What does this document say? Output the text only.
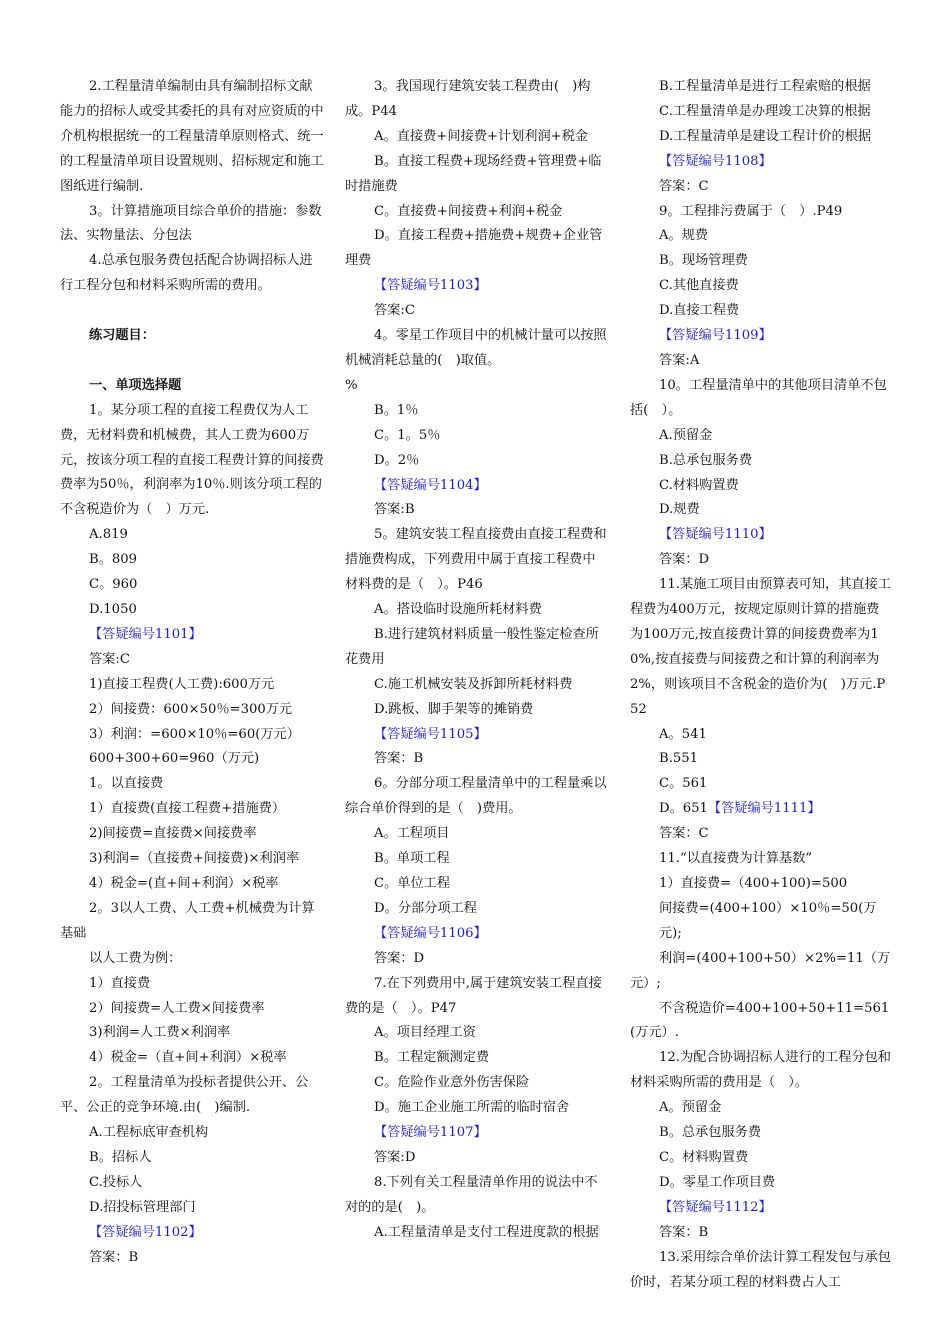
2.工程量清单编制由具有编制招标文献能力的招标人或受其委托的具有对应资质的中介机构根据统一的工程量清单原则格式、统一的工程量清单项目设置规则、招标规定和施工图纸进行编制.

3。计算措施项目综合单价的措施：参数法、实物量法、分包法

4.总承包服务费包括配合协调招标人进行工程分包和材料采购所需的费用。

练习题目：

一、单项选择题

1。某分项工程的直接工程费仅为人工费，无材料费和机械费，其人工费为600万元，按该分项工程的直接工程费计算的间接费费率为50％，利润率为10％.则该分项工程的不含税造价为（　）万元.

A.819

B。809

C。960

D.1050

【答疑编号1101】

答案:C

1)直接工程费(人工费):600万元

2）间接费：600×50％=300万元

3）利润：=600×10％=60(万元）

600+300+60=960（万元)

1。以直接费

1）直接费(直接工程费+措施费）

2)间接费=直接费×间接费率

3)利润=（直接费+间接费)×利润率

4）税金=(直+间+利润）×税率

2。3以人工费、人工费+机械费为计算基础

以人工费为例：

1）直接费

2）间接费=人工费×间接费率

3)利润=人工费×利润率

4）税金=（直+间+利润）×税率

2。工程量清单为投标者提供公开、公平、公正的竞争环境.由(　)编制.

A.工程标底审查机构

B。招标人

C.投标人

D.招投标管理部门

【答疑编号1102】

答案：B

3。我国现行建筑安装工程费由(　)构成。P44

A。直接费+间接费+计划利润+税金

B。直接工程费+现场经费+管理费+临时措施费

C。直接费+间接费+利润+税金

D。直接工程费+措施费+规费+企业管理费

【答疑编号1103】

答案:C

4。零星工作项目中的机械计量可以按照机械消耗总量的(　)取值。

%

B。1％

C。1。5％

D。2％

【答疑编号1104】

答案:B

5。建筑安装工程直接费由直接工程费和措施费构成，下列费用中属于直接工程费中材料费的是（　）。P46

A。搭设临时设施所耗材料费

B.进行建筑材料质量一般性鉴定检查所花费用

C.施工机械安装及拆卸所耗材料费

D.跳板、脚手架等的摊销费

【答疑编号1105】

答案：B

6。分部分项工程量清单中的工程量乘以综合单价得到的是（　)费用。

A。工程项目

B。单项工程

C。单位工程

D。分部分项工程

【答疑编号1106】

答案：D

7.在下列费用中,属于建筑安装工程直接费的是（　）。P47

A。项目经理工资

B。工程定额测定费

C。危险作业意外伤害保险

D。施工企业施工所需的临时宿舍

【答疑编号1107】

答案:D

8.下列有关工程量清单作用的说法中不对的的是(　)。

A.工程量清单是支付工程进度款的根据

B.工程量清单是进行工程索赔的根据

C.工程量清单是办理竣工决算的根据

D.工程量清单是建设工程计价的根据

【答疑编号1108】

答案：C

9。工程排污费属于（　）.P49

A。规费

B。现场管理费

C.其他直接费

D.直接工程费

【答疑编号1109】

答案:A

10。工程量清单中的其他项目清单不包括(　）。

A.预留金

B.总承包服务费

C.材料购置费

D.规费

【答疑编号1110】

答案：D

11.某施工项目由预算表可知，其直接工程费为400万元，按规定原则计算的措施费为100万元,按直接费计算的间接费费率为10%,按直接费与间接费之和计算的利润率为2%，则该项目不含税金的造价为(　)万元.P52

A。541

B.551

C。561

D。651【答疑编号1111】

答案：C

11.“以直接费为计算基数”

1）直接费=（400+100)=500

间接费=(400+100）×10％=50(万元);

利润=(400+100+50）×2%=11（万元）;

不含税造价=400+100+50+11=561(万元）.

12.为配合协调招标人进行的工程分包和材料采购所需的费用是（　）。

A。预留金

B。总承包服务费

C。材料购置费

D。零星工作项目费

【答疑编号1112】

答案：B

13.采用综合单价法计算工程发包与承包价时，若某分项工程的材料费占人工
